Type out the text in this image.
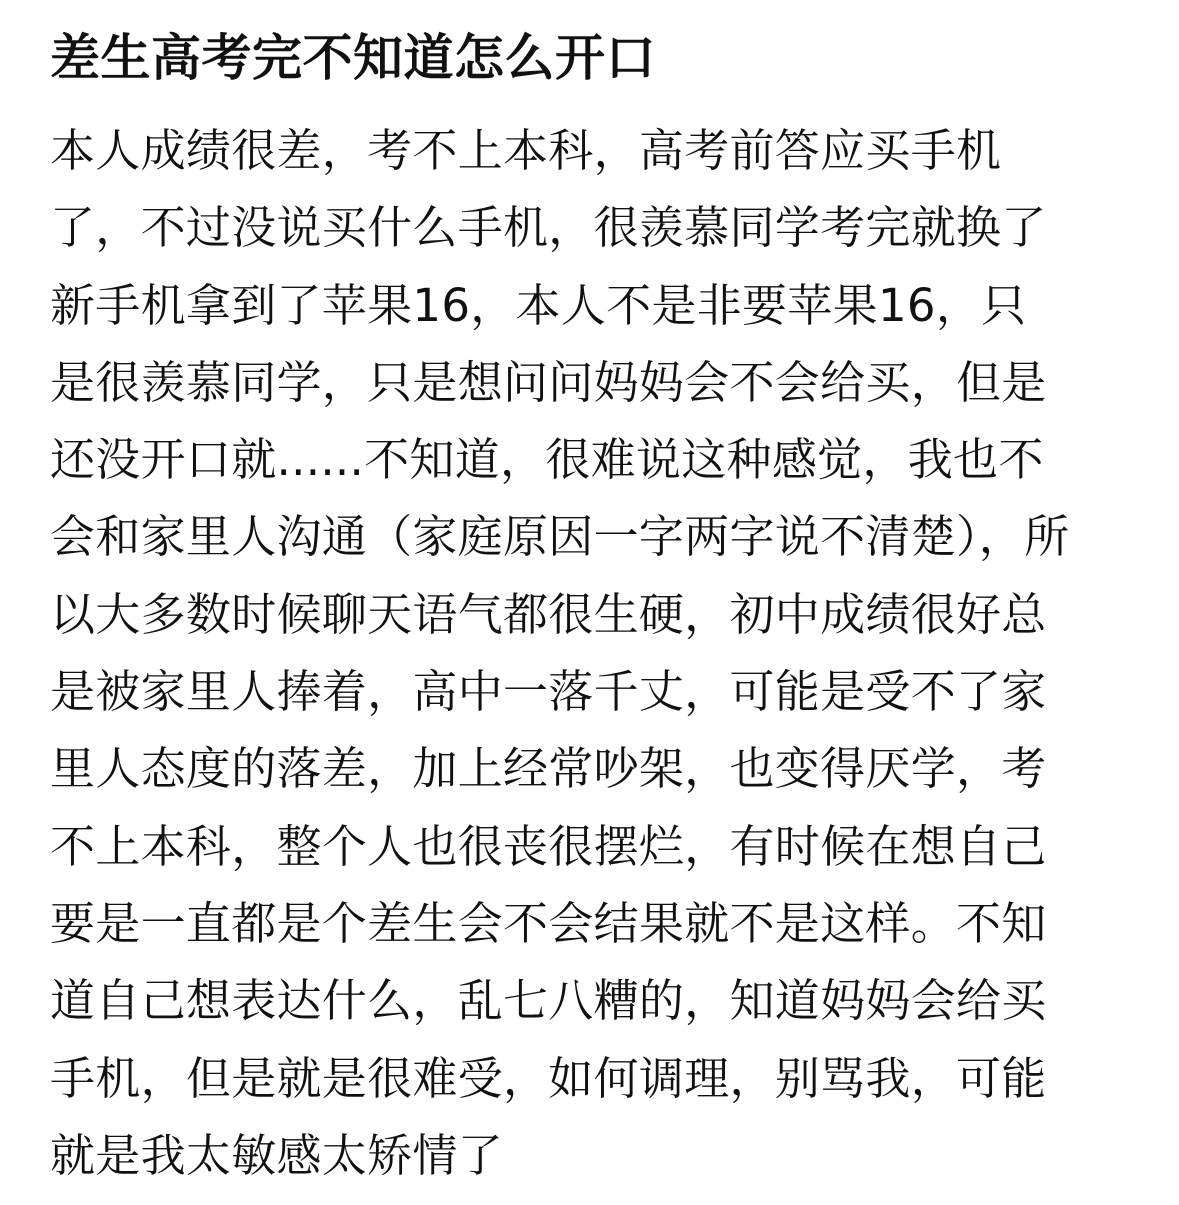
差生高考完不知道怎么开口
本人成绩很差，考不上本科，高考前答应买手机
了，不过没说买什么手机，很羡慕同学考完就换了
新手机拿到了苹果16，本人不是非要苹果16，只
是很羡慕同学，只是想问问妈妈会不会给买，但是
还没开口就......不知道，很难说这种感觉，我也不
会和家里人沟通（家庭原因一字两字说不清楚），所
以大多数时候聊天语气都很生硬，初中成绩很好总
是被家里人捧着，高中一落千丈，可能是受不了家
里人态度的落差，加上经常吵架，也变得厌学，考
不上本科，整个人也很丧很摆烂，有时候在想自己
要是一直都是个差生会不会结果就不是这样。不知
道自己想表达什么，乱七八糟的，知道妈妈会给买
手机，但是就是很难受，如何调理，别骂我，可能
就是我太敏感太矫情了
